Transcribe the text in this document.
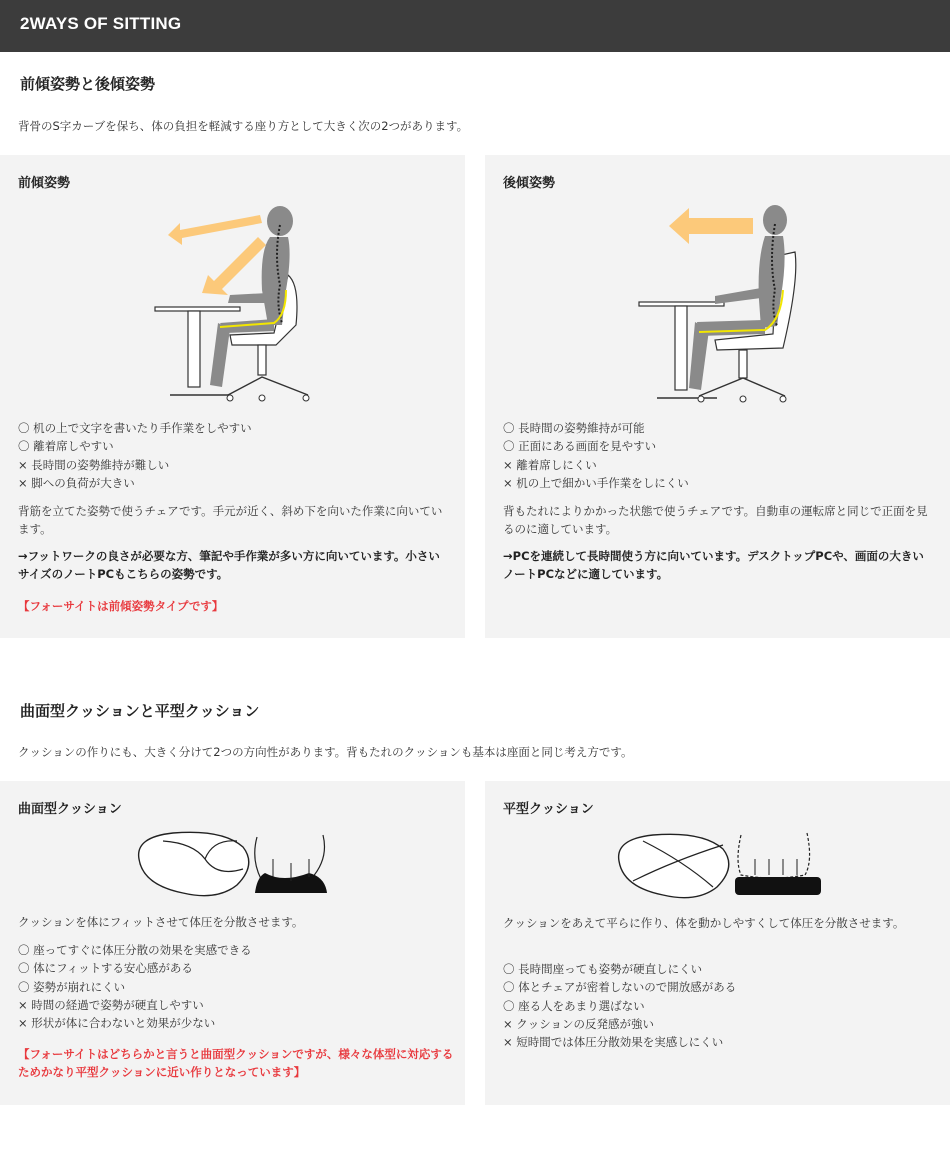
2WAYS OF SITTING
前傾姿勢と後傾姿勢
背骨のS字カーブを保ち、体の負担を軽減する座り方として大きく次の2つがあります。
前傾姿勢
〇 机の上で文字を書いたり手作業をしやすい
〇 離着席しやすい
× 長時間の姿勢維持が難しい
× 脚への負荷が大きい
背筋を立てた姿勢で使うチェアです。手元が近く、斜め下を向いた作業に向いています。
→フットワークの良さが必要な方、筆記や手作業が多い方に向いています。小さいサイズのノートPCもこちらの姿勢です。
【フォーサイトは前傾姿勢タイプです】
後傾姿勢
〇 長時間の姿勢維持が可能
〇 正面にある画面を見やすい
× 離着席しにくい
× 机の上で細かい手作業をしにくい
背もたれによりかかった状態で使うチェアです。自動車の運転席と同じで正面を見るのに適しています。
→PCを連続して長時間使う方に向いています。デスクトップPCや、画面の大きいノートPCなどに適しています。
曲面型クッションと平型クッション
クッションの作りにも、大きく分けて2つの方向性があります。背もたれのクッションも基本は座面と同じ考え方です。
曲面型クッション
クッションを体にフィットさせて体圧を分散させます。
〇 座ってすぐに体圧分散の効果を実感できる
〇 体にフィットする安心感がある
〇 姿勢が崩れにくい
× 時間の経過で姿勢が硬直しやすい
× 形状が体に合わないと効果が少ない
【フォーサイトはどちらかと言うと曲面型クッションですが、様々な体型に対応するためかなり平型クッションに近い作りとなっています】
平型クッション
クッションをあえて平らに作り、体を動かしやすくして体圧を分散させます。
〇 長時間座っても姿勢が硬直しにくい
〇 体とチェアが密着しないので開放感がある
〇 座る人をあまり選ばない
× クッションの反発感が強い
× 短時間では体圧分散効果を実感しにくい
